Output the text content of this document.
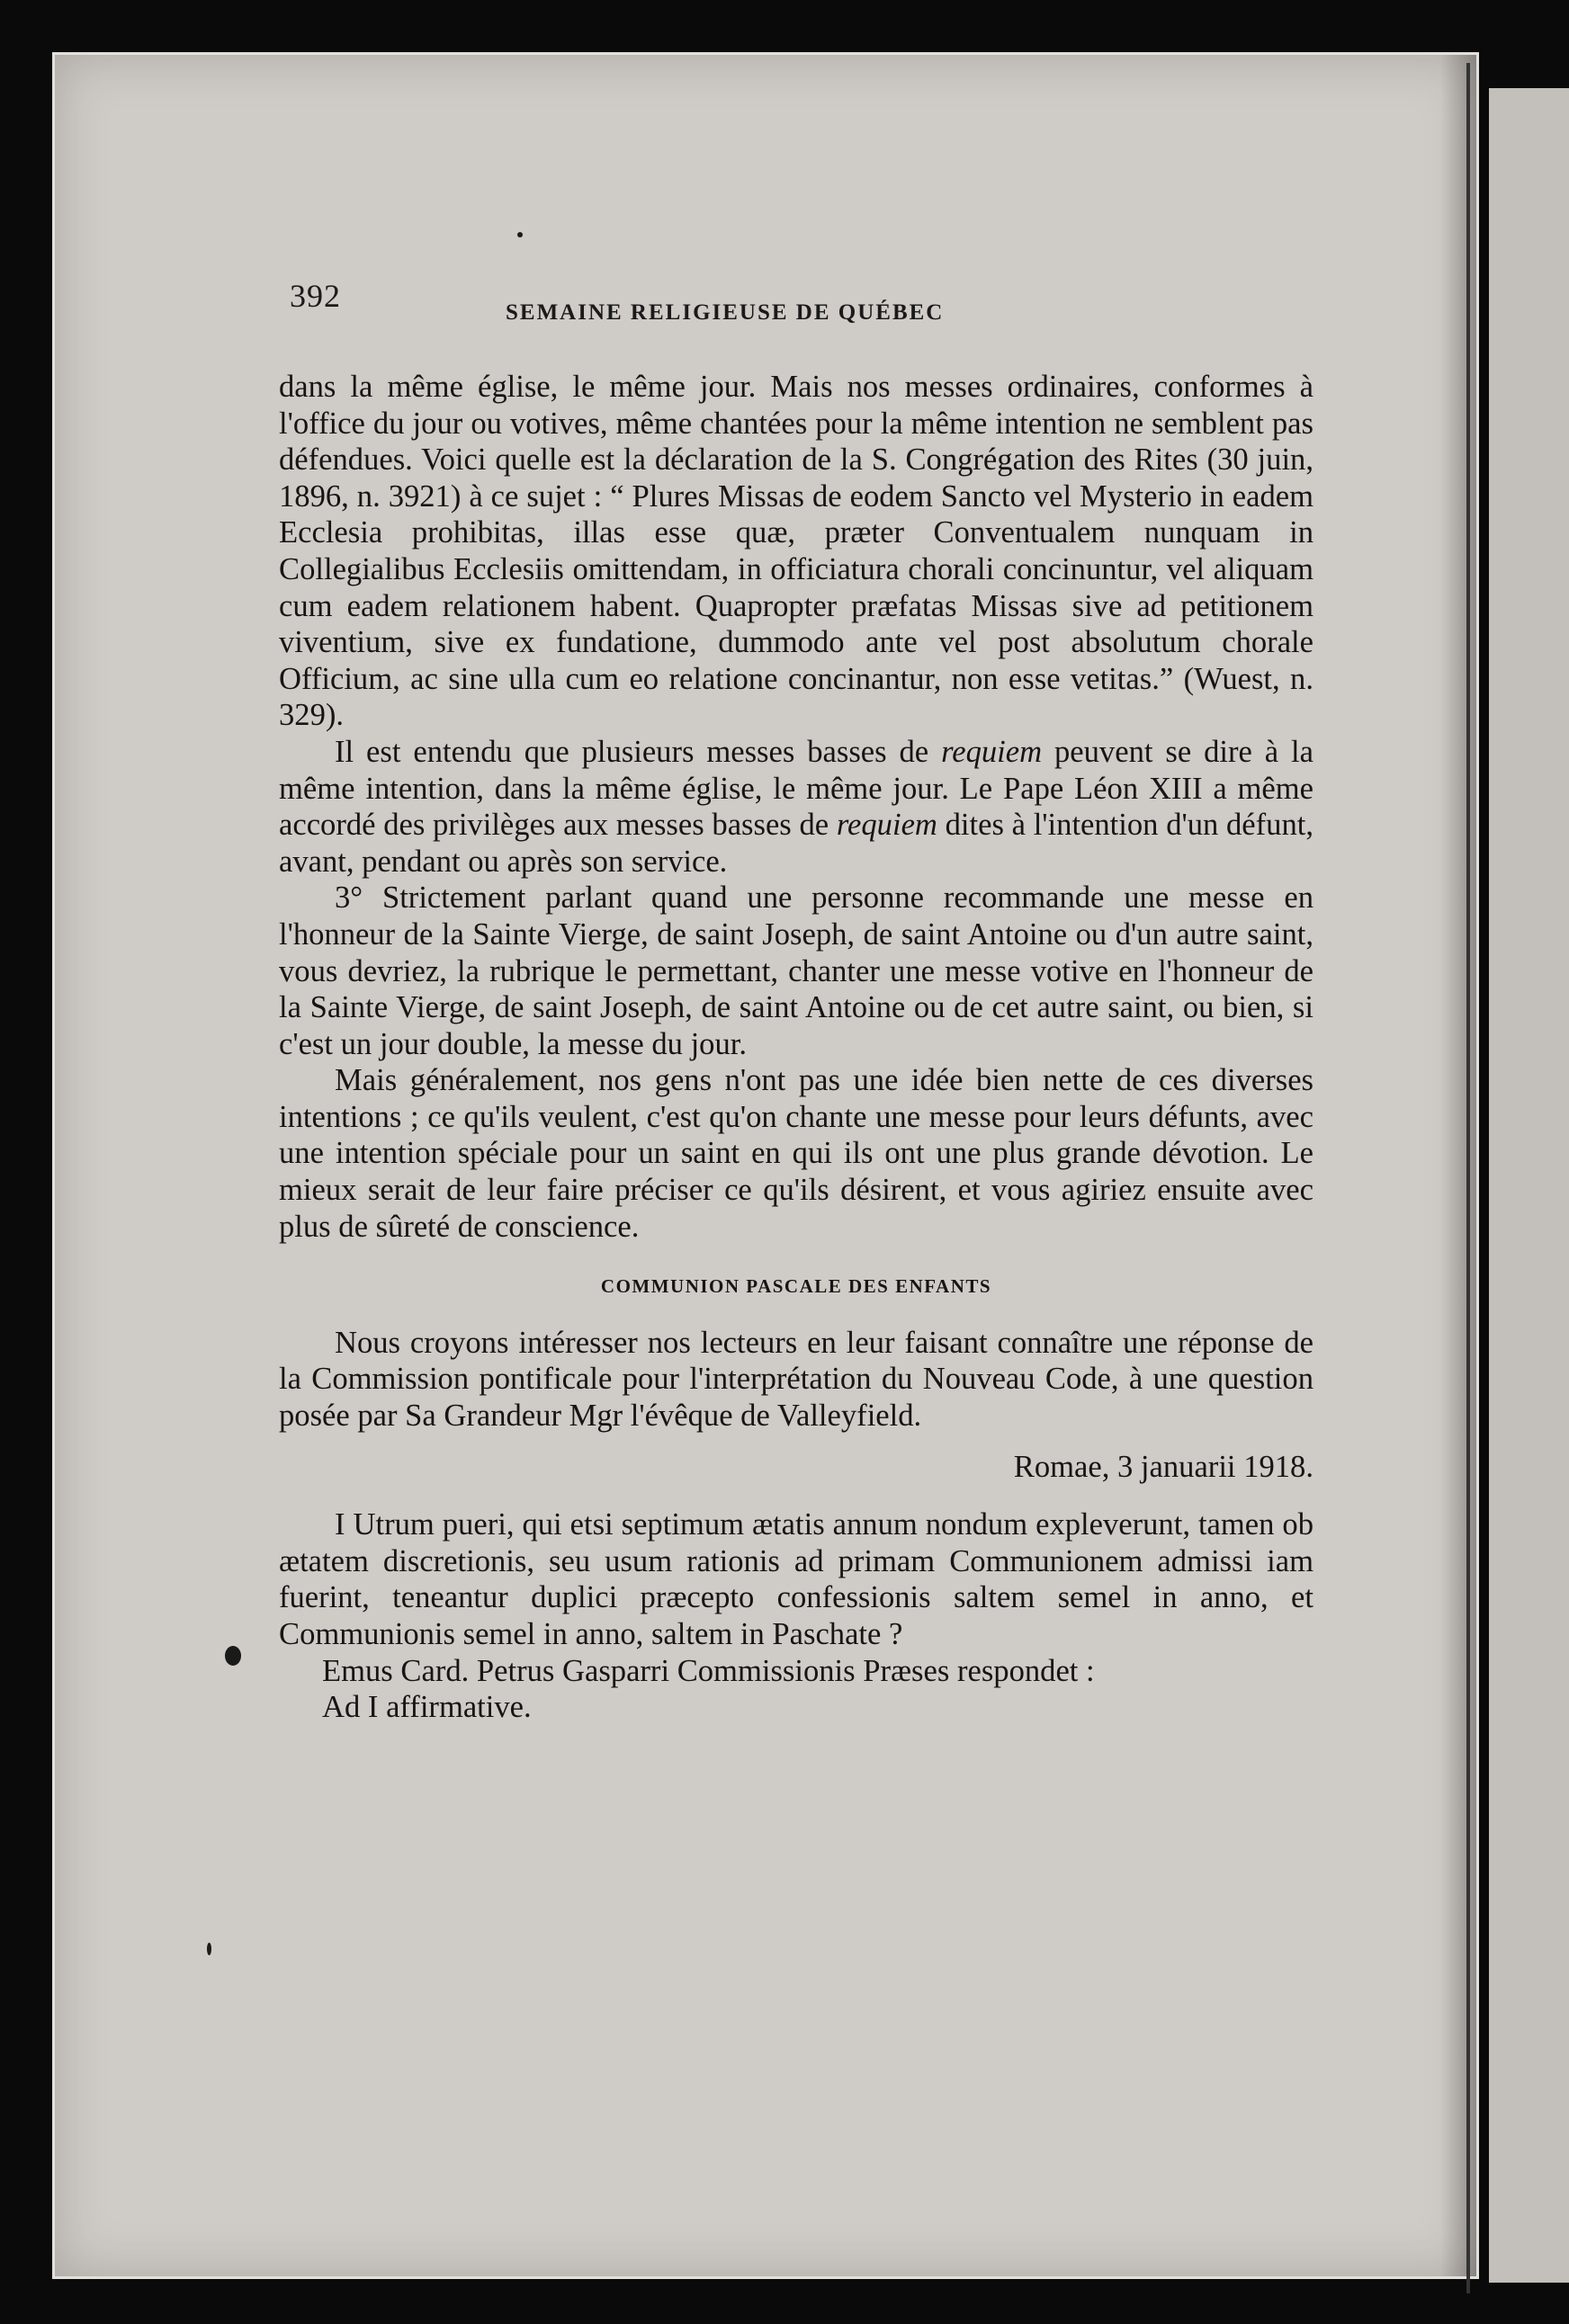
392	SEMAINE RELIGIEUSE DE QUÉBEC

dans la même église, le même jour. Mais nos messes ordinaires, conformes à l'office du jour ou votives, même chantées pour la même intention ne semblent pas défendues. Voici quelle est la déclaration de la S. Congrégation des Rites (30 juin, 1896, n. 3921) à ce sujet : “ Plures Missas de eodem Sancto vel Mysterio in eadem Ecclesia prohibitas, illas esse quæ, præter Conventualem nunquam in Collegialibus Ecclesiis omittendam, in officiatura chorali concinuntur, vel aliquam cum eadem relationem habent. Quapropter præfatas Missas sive ad petitionem viventium, sive ex fundatione, dummodo ante vel post absolutum chorale Officium, ac sine ulla cum eo relatione concinantur, non esse vetitas.” (Wuest, n. 329).

Il est entendu que plusieurs messes basses de requiem peuvent se dire à la même intention, dans la même église, le même jour. Le Pape Léon XIII a même accordé des privilèges aux messes basses de requiem dites à l'intention d'un défunt, avant, pendant ou après son service.

3° Strictement parlant quand une personne recommande une messe en l'honneur de la Sainte Vierge, de saint Joseph, de saint Antoine ou d'un autre saint, vous devriez, la rubrique le permettant, chanter une messe votive en l'honneur de la Sainte Vierge, de saint Joseph, de saint Antoine ou de cet autre saint, ou bien, si c'est un jour double, la messe du jour.

Mais généralement, nos gens n'ont pas une idée bien nette de ces diverses intentions ; ce qu'ils veulent, c'est qu'on chante une messe pour leurs défunts, avec une intention spéciale pour un saint en qui ils ont une plus grande dévotion. Le mieux serait de leur faire préciser ce qu'ils désirent, et vous agiriez ensuite avec plus de sûreté de conscience.

COMMUNION PASCALE DES ENFANTS

Nous croyons intéresser nos lecteurs en leur faisant connaître une réponse de la Commission pontificale pour l'interprétation du Nouveau Code, à une question posée par Sa Grandeur Mgr l'évêque de Valleyfield.

Romae, 3 januarii 1918.

I Utrum pueri, qui etsi septimum ætatis annum nondum expleverunt, tamen ob ætatem discretionis, seu usum rationis ad primam Communionem admissi iam fuerint, teneantur duplici præcepto confessionis saltem semel in anno, et Communionis semel in anno, saltem in Paschate ?

Emus Card. Petrus Gasparri Commissionis Præses respondet :

Ad I affirmative.
